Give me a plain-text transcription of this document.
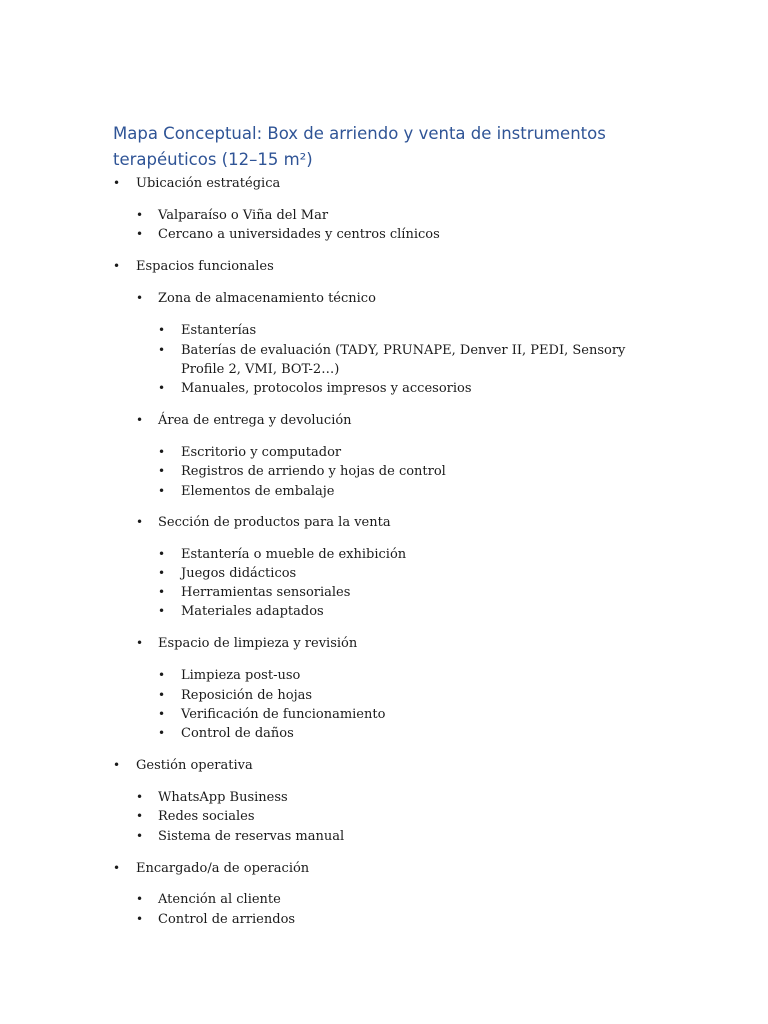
Mapa Conceptual: Box de arriendo y venta de instrumentos terapéuticos (12–15 m²)
• Ubicación estratégica
• Valparaíso o Viña del Mar
• Cercano a universidades y centros clínicos
• Espacios funcionales
• Zona de almacenamiento técnico
• Estanterías
• Baterías de evaluación (TADY, PRUNAPE, Denver II, PEDI, Sensory Profile 2, VMI, BOT-2…)
• Manuales, protocolos impresos y accesorios
• Área de entrega y devolución
• Escritorio y computador
• Registros de arriendo y hojas de control
• Elementos de embalaje
• Sección de productos para la venta
• Estantería o mueble de exhibición
• Juegos didácticos
• Herramientas sensoriales
• Materiales adaptados
• Espacio de limpieza y revisión
• Limpieza post-uso
• Reposición de hojas
• Verificación de funcionamiento
• Control de daños
• Gestión operativa
• WhatsApp Business
• Redes sociales
• Sistema de reservas manual
• Encargado/a de operación
• Atención al cliente
• Control de arriendos
